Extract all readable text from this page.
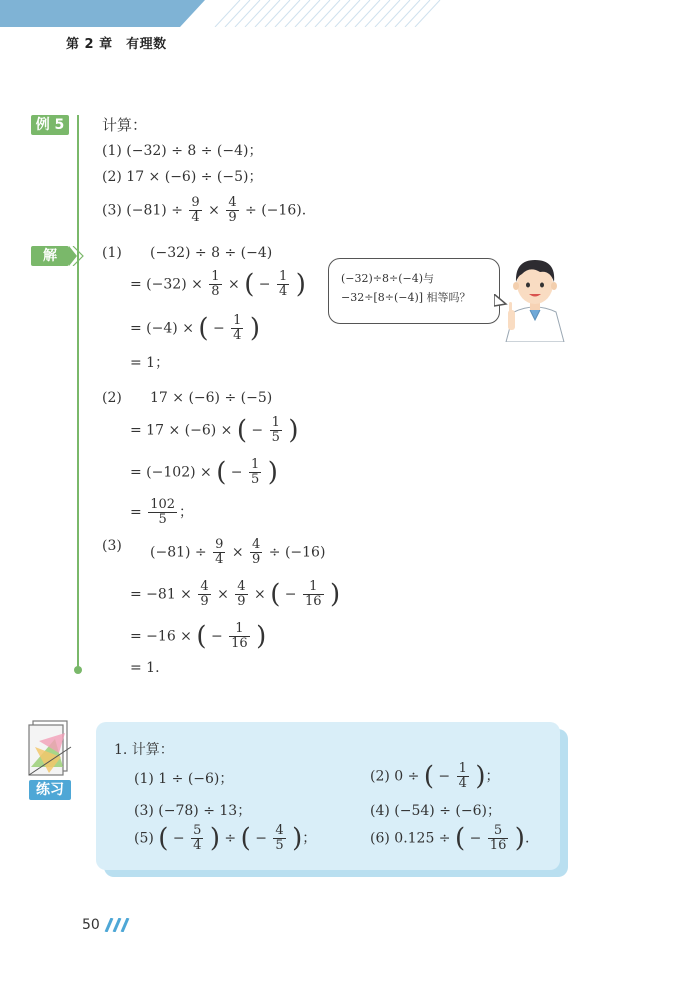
第 2 章　有理数
例 5	计算：
(1) (−32) ÷ 8 ÷ (−4)；
(2) 17 × (−6) ÷ (−5)；
(3) $(-81) \div \frac{9}{4} \times \frac{4}{9} \div (-16)$.
解	(1) (−32) ÷ 8 ÷ (−4)
= $(-32) \times \frac{1}{8}$ × ( − $\frac{1}{4}$ )
= (−4) × ( − $\frac{1}{4}$ )
= 1；
(−32)÷8÷(−4)与
−32÷[8÷(−4)] 相等吗？
(2) 17 × (−6) ÷ (−5)
= 17 × (−6) × ( − $\frac{1}{5}$ )
= (−102) × ( − $\frac{1}{5}$ )
= $\frac{102}{5}$ ；
(3) $(-81) \div \frac{9}{4} \times \frac{4}{9} \div (-16)$
= $-81 \times \frac{4}{9} \times \frac{4}{9}$ × ( − $\frac{1}{16}$ )
= −16 × ( − $\frac{1}{16}$ )
= 1.
练习
1. 计算：
(1) 1 ÷ (−6)；	(2) 0 ÷ ( − $\frac{1}{4}$ )；
(3) (−78) ÷ 13；	(4) (−54) ÷ (−6)；
(5) ( − $\frac{5}{4}$ ) ÷ ( − $\frac{4}{5}$ )；	(6) 0.125 ÷ ( − $\frac{5}{16}$ ).
50
